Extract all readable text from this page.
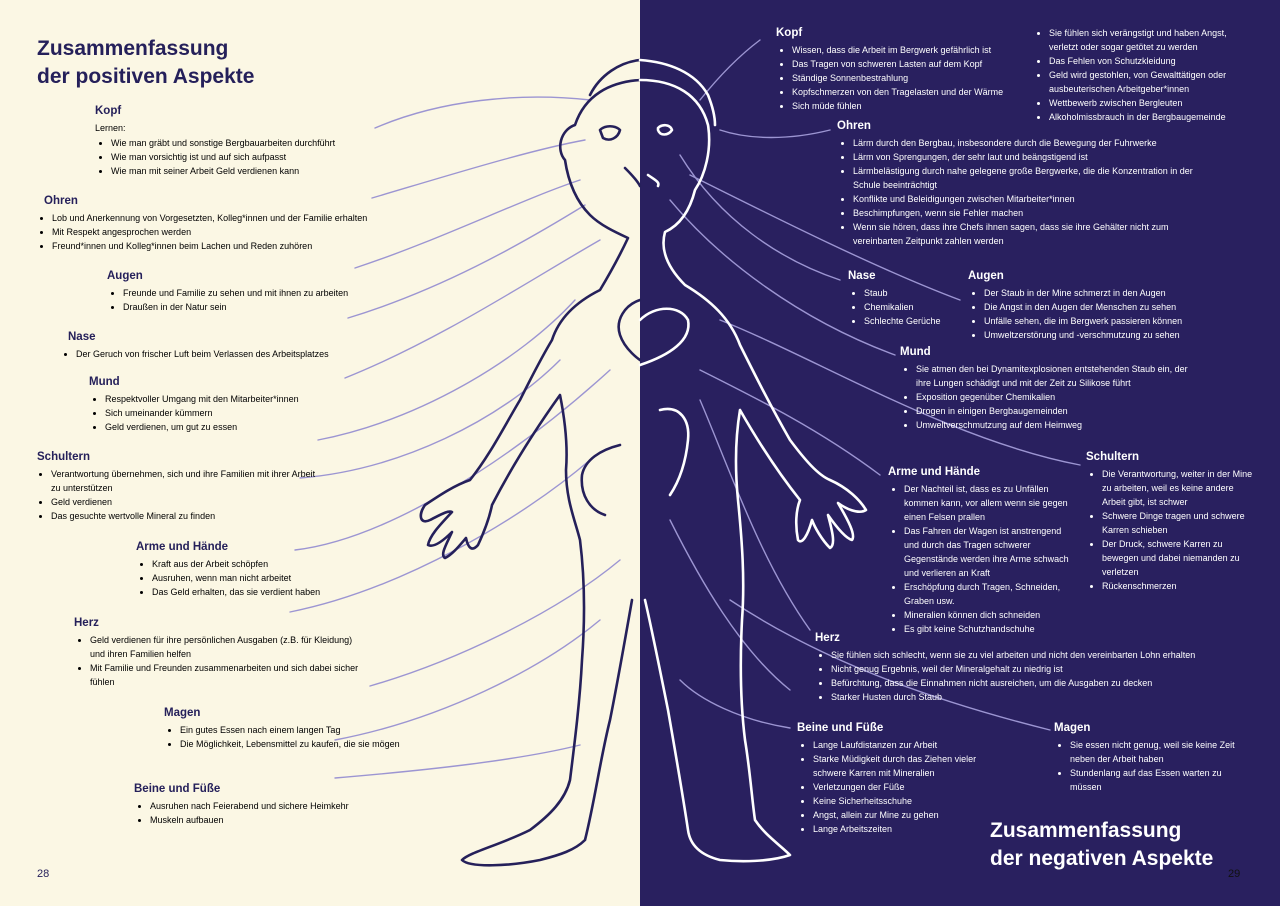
Zusammenfassung
der positiven Aspekte
Kopf
Lernen:
• Wie man gräbt und sonstige Bergbauarbeiten durchführt
• Wie man vorsichtig ist und auf sich aufpasst
• Wie man mit seiner Arbeit Geld verdienen kann
Ohren
• Lob und Anerkennung von Vorgesetzten, Kolleg*innen und der Familie erhalten
• Mit Respekt angesprochen werden
• Freund*innen und Kolleg*innen beim Lachen und Reden zuhören
Augen
• Freunde und Familie zu sehen und mit ihnen zu arbeiten
• Draußen in der Natur sein
Nase
• Der Geruch von frischer Luft beim Verlassen des Arbeitsplatzes
Mund
• Respektvoller Umgang mit den Mitarbeiter*innen
• Sich umeinander kümmern
• Geld verdienen, um gut zu essen
Schultern
• Verantwortung übernehmen, sich und ihre Familien mit ihrer Arbeit zu unterstützen
• Geld verdienen
• Das gesuchte wertvolle Mineral zu finden
Arme und Hände
• Kraft aus der Arbeit schöpfen
• Ausruhen, wenn man nicht arbeitet
• Das Geld erhalten, das sie verdient haben
Herz
• Geld verdienen für ihre persönlichen Ausgaben (z.B. für Kleidung) und ihren Familien helfen
• Mit Familie und Freunden zusammenarbeiten und sich dabei sicher fühlen
Magen
• Ein gutes Essen nach einem langen Tag
• Die Möglichkeit, Lebensmittel zu kaufen, die sie mögen
Beine und Füße
• Ausruhen nach Feierabend und sichere Heimkehr
• Muskeln aufbauen
28
Kopf
• Wissen, dass die Arbeit im Bergwerk gefährlich ist
• Das Tragen von schweren Lasten auf dem Kopf
• Ständige Sonnenbestrahlung
• Kopfschmerzen von den Tragelasten und der Wärme
• Sich müde fühlen
• Sie fühlen sich verängstigt und haben Angst, verletzt oder sogar getötet zu werden
• Das Fehlen von Schutzkleidung
• Geld wird gestohlen, von Gewalttätigen oder ausbeuterischen Arbeitgeber*innen
• Wettbewerb zwischen Bergleuten
• Alkoholmissbrauch in der Bergbaugemeinde
Ohren
• Lärm durch den Bergbau, insbesondere durch die Bewegung der Fuhrwerke
• Lärm von Sprengungen, der sehr laut und beängstigend ist
• Lärmbelästigung durch nahe gelegene große Bergwerke, die die Konzentration in der Schule beeinträchtigt
• Konflikte und Beleidigungen zwischen Mitarbeiter*innen
• Beschimpfungen, wenn sie Fehler machen
• Wenn sie hören, dass ihre Chefs ihnen sagen, dass sie ihre Gehälter nicht zum vereinbarten Zeitpunkt zahlen werden
Nase
• Staub
• Chemikalien
• Schlechte Gerüche
Augen
• Der Staub in der Mine schmerzt in den Augen
• Die Angst in den Augen der Menschen zu sehen
• Unfälle sehen, die im Bergwerk passieren können
• Umweltzerstörung und -verschmutzung zu sehen
Mund
• Sie atmen den bei Dynamitexplosionen entstehenden Staub ein, der ihre Lungen schädigt und mit der Zeit zu Silikose führt
• Exposition gegenüber Chemikalien
• Drogen in einigen Bergbaugemeinden
• Umweltverschmutzung auf dem Heimweg
Arme und Hände
• Der Nachteil ist, dass es zu Unfällen kommen kann, vor allem wenn sie gegen einen Felsen prallen
• Das Fahren der Wagen ist anstrengend und durch das Tragen schwerer Gegenstände werden ihre Arme schwach und verlieren an Kraft
• Erschöpfung durch Tragen, Schneiden, Graben usw.
• Mineralien können dich schneiden
• Es gibt keine Schutzhandschuhe
Schultern
• Die Verantwortung, weiter in der Mine zu arbeiten, weil es keine andere Arbeit gibt, ist schwer
• Schwere Dinge tragen und schwere Karren schieben
• Der Druck, schwere Karren zu bewegen und dabei niemanden zu verletzen
• Rückenschmerzen
Herz
• Sie fühlen sich schlecht, wenn sie zu viel arbeiten und nicht den vereinbarten Lohn erhalten
• Nicht genug Ergebnis, weil der Mineralgehalt zu niedrig ist
• Befürchtung, dass die Einnahmen nicht ausreichen, um die Ausgaben zu decken
• Starker Husten durch Staub
Beine und Füße
• Lange Laufdistanzen zur Arbeit
• Starke Müdigkeit durch das Ziehen vieler schwere Karren mit Mineralien
• Verletzungen der Füße
• Keine Sicherheitsschuhe
• Angst, allein zur Mine zu gehen
• Lange Arbeitszeiten
Magen
• Sie essen nicht genug, weil sie keine Zeit neben der Arbeit haben
• Stundenlang auf das Essen warten zu müssen
Zusammenfassung
der negativen Aspekte
29
